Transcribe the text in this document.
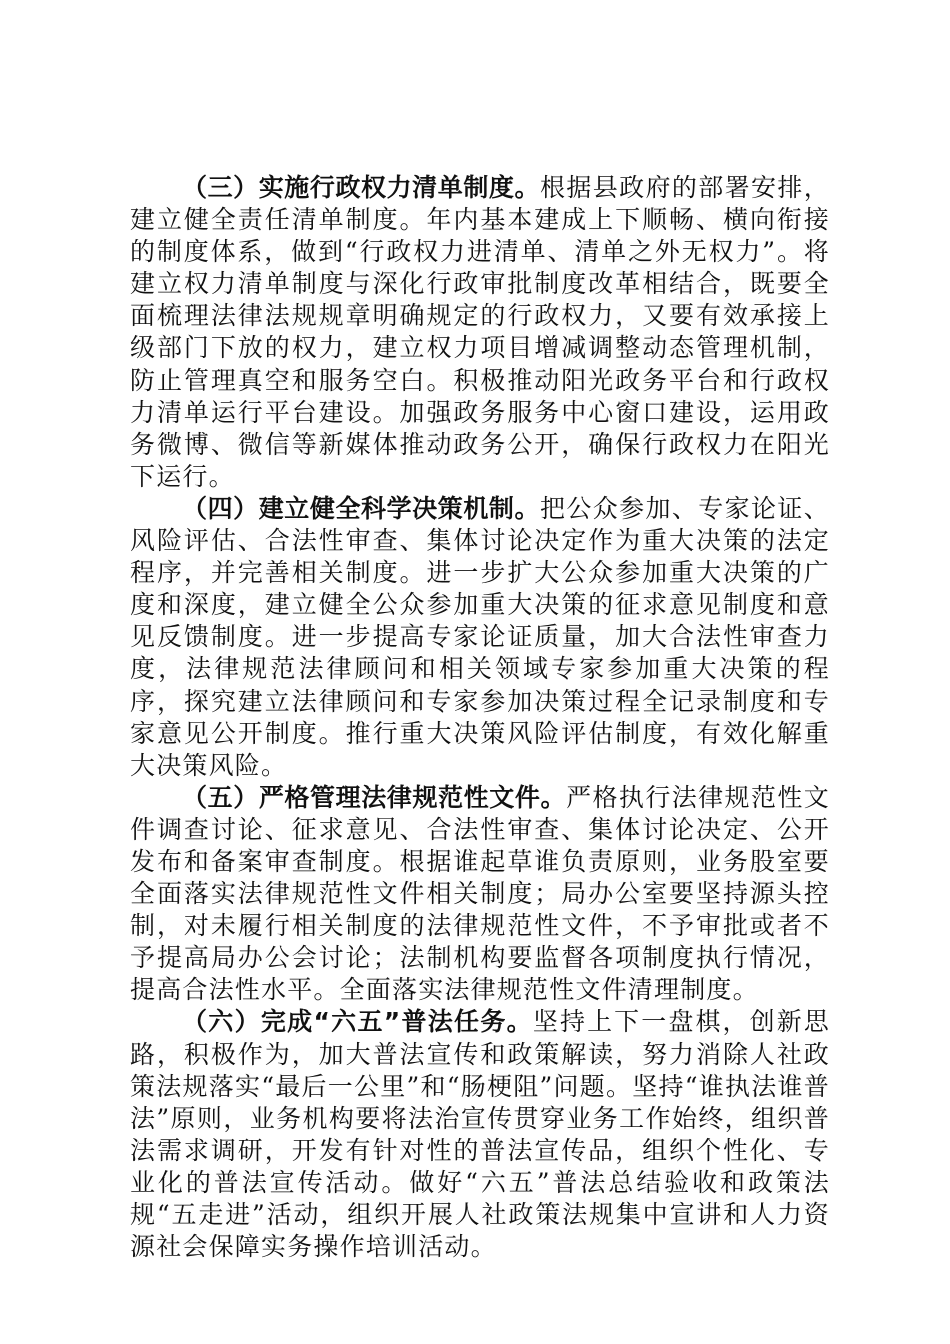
（三）实施行政权力清单制度。根据县政府的部署安排，建立健全责任清单制度。年内基本建成上下顺畅、横向衔接的制度体系，做到“行政权力进清单、清单之外无权力”。将建立权力清单制度与深化行政审批制度改革相结合，既要全面梳理法律法规规章明确规定的行政权力，又要有效承接上级部门下放的权力，建立权力项目增减调整动态管理机制，防止管理真空和服务空白。积极推动阳光政务平台和行政权力清单运行平台建设。加强政务服务中心窗口建设，运用政务微博、微信等新媒体推动政务公开，确保行政权力在阳光下运行。

（四）建立健全科学决策机制。把公众参加、专家论证、风险评估、合法性审查、集体讨论决定作为重大决策的法定程序，并完善相关制度。进一步扩大公众参加重大决策的广度和深度，建立健全公众参加重大决策的征求意见制度和意见反馈制度。进一步提高专家论证质量，加大合法性审查力度，法律规范法律顾问和相关领域专家参加重大决策的程序，探究建立法律顾问和专家参加决策过程全记录制度和专家意见公开制度。推行重大决策风险评估制度，有效化解重大决策风险。

（五）严格管理法律规范性文件。严格执行法律规范性文件调查讨论、征求意见、合法性审查、集体讨论决定、公开发布和备案审查制度。根据谁起草谁负责原则，业务股室要全面落实法律规范性文件相关制度；局办公室要坚持源头控制，对未履行相关制度的法律规范性文件，不予审批或者不予提高局办公会讨论；法制机构要监督各项制度执行情况，提高合法性水平。全面落实法律规范性文件清理制度。

（六）完成“六五”普法任务。坚持上下一盘棋，创新思路，积极作为，加大普法宣传和政策解读，努力消除人社政策法规落实“最后一公里”和“肠梗阻”问题。坚持“谁执法谁普法”原则，业务机构要将法治宣传贯穿业务工作始终，组织普法需求调研，开发有针对性的普法宣传品，组织个性化、专业化的普法宣传活动。做好“六五”普法总结验收和政策法规“五走进”活动，组织开展人社政策法规集中宣讲和人力资源社会保障实务操作培训活动。
